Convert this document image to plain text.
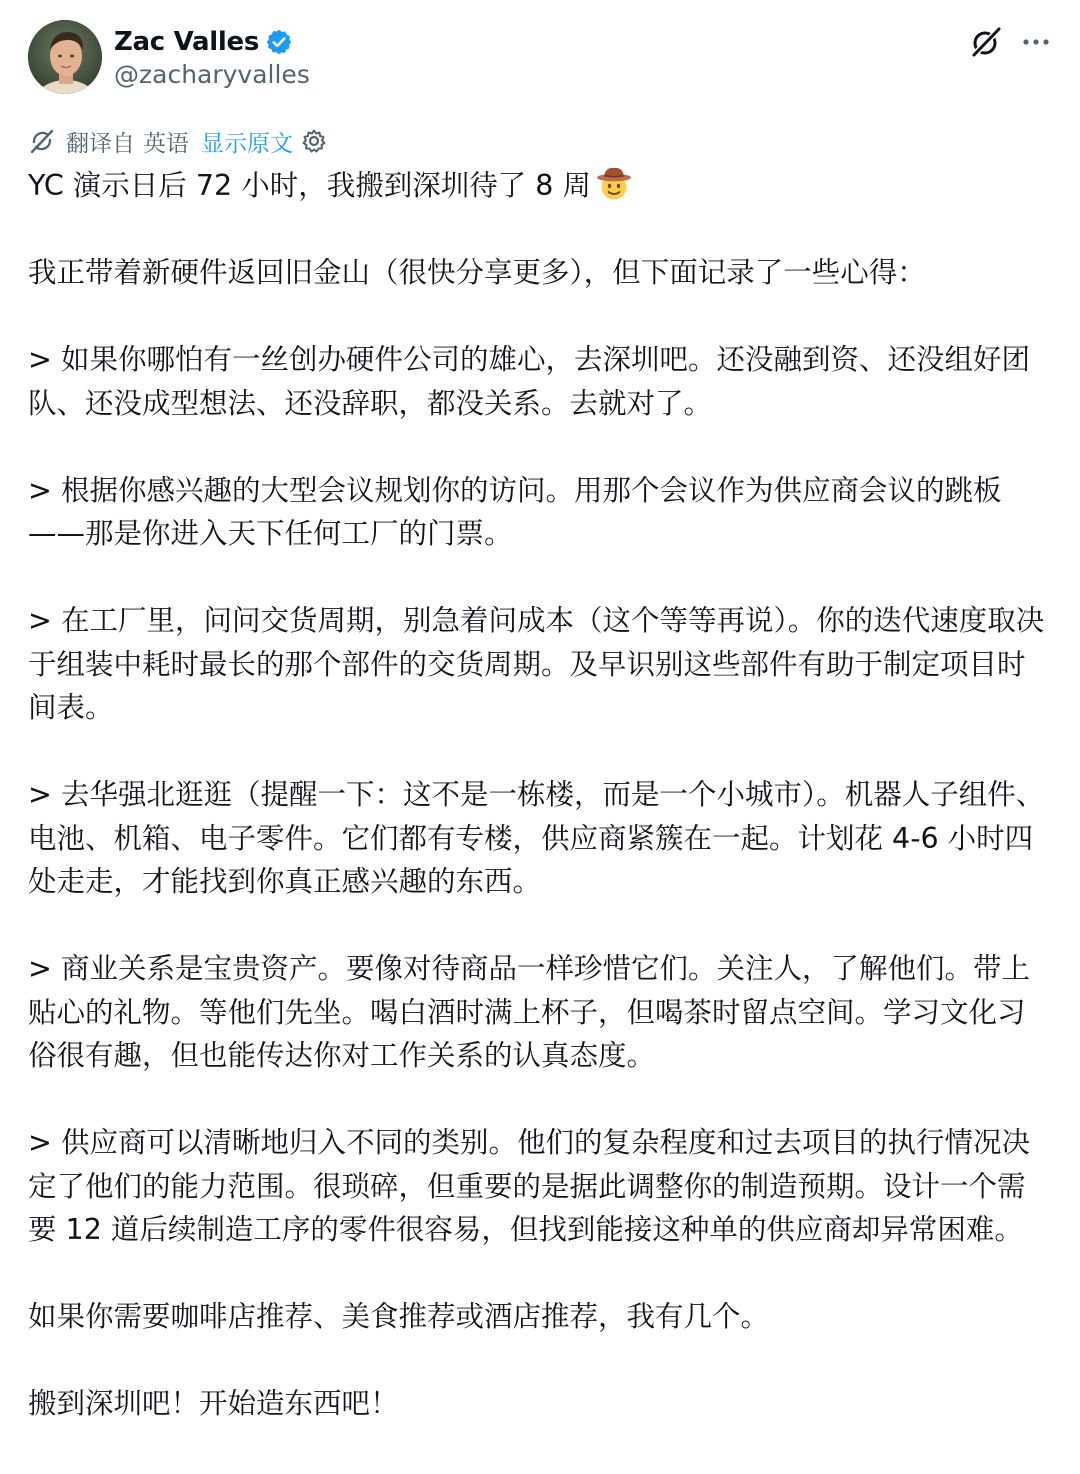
Zac Valles
@zacharyvalles
翻译自 英语 显示原文

YC 演示日后 72 小时，我搬到深圳待了 8 周

我正带着新硬件返回旧金山（很快分享更多），但下面记录了一些心得：

> 如果你哪怕有一丝创办硬件公司的雄心，去深圳吧。还没融到资、还没组好团队、还没成型想法、还没辞职，都没关系。去就对了。

> 根据你感兴趣的大型会议规划你的访问。用那个会议作为供应商会议的跳板——那是你进入天下任何工厂的门票。

> 在工厂里，问问交货周期，别急着问成本（这个等等再说）。你的迭代速度取决于组装中耗时最长的那个部件的交货周期。及早识别这些部件有助于制定项目时间表。

> 去华强北逛逛（提醒一下：这不是一栋楼，而是一个小城市）。机器人子组件、电池、机箱、电子零件。它们都有专楼，供应商紧簇在一起。计划花 4-6 小时四处走走，才能找到你真正感兴趣的东西。

> 商业关系是宝贵资产。要像对待商品一样珍惜它们。关注人，了解他们。带上贴心的礼物。等他们先坐。喝白酒时满上杯子，但喝茶时留点空间。学习文化习俗很有趣，但也能传达你对工作关系的认真态度。

> 供应商可以清晰地归入不同的类别。他们的复杂程度和过去项目的执行情况决定了他们的能力范围。很琐碎，但重要的是据此调整你的制造预期。设计一个需要 12 道后续制造工序的零件很容易，但找到能接这种单的供应商却异常困难。

如果你需要咖啡店推荐、美食推荐或酒店推荐，我有几个。

搬到深圳吧！开始造东西吧！
